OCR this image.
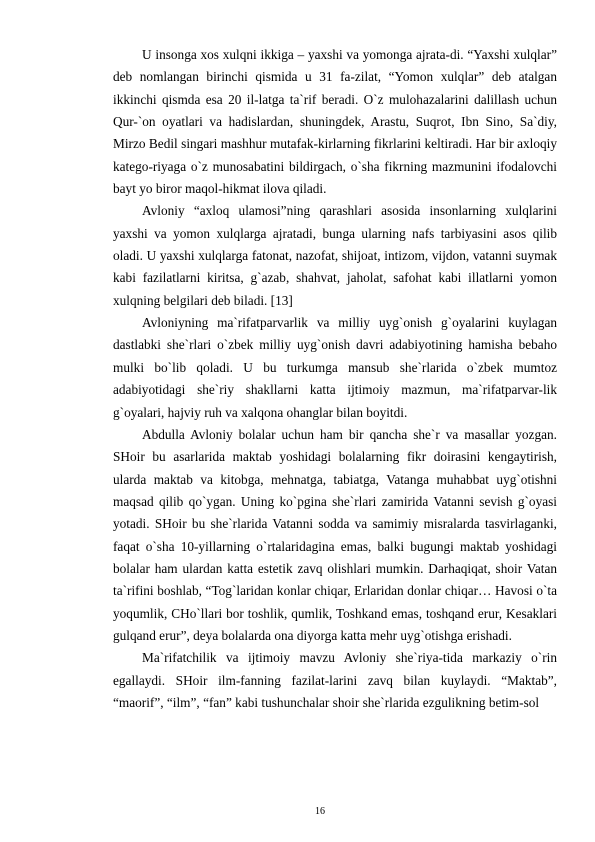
U insonga xos xulqni ikkiga – yaxshi va yomonga ajrata-di. “Yaxshi xulqlar” deb nomlangan birinchi qismida u 31 fa-zilat, “Yomon xulqlar” deb atalgan ikkinchi qismda esa 20 il-latga ta`rif beradi. O`z mulohazalarini dalillash uchun Qur-`on oyatlari va hadislardan, shuningdek, Arastu, Suqrot, Ibn Sino, Sa`diy, Mirzo Bedil singari mashhur mutafak-kirlarning fikrlarini keltiradi. Har bir axloqiy katego-riyaga o`z munosabatini bildirgach, o`sha fikrning mazmunini ifodalovchi bayt yo biror maqol-hikmat ilova qiladi.

Avloniy “axloq ulamosi”ning qarashlari asosida insonlarning xulqlarini yaxshi va yomon xulqlarga ajratadi, bunga ularning nafs tarbiyasini asos qilib oladi. U yaxshi xulqlarga fatonat, nazofat, shijoat, intizom, vijdon, vatanni suymak kabi fazilatlarni kiritsa, g`azab, shahvat, jaholat, safohat kabi illatlarni yomon xulqning belgilari deb biladi. [13]

Avloniyning ma`rifatparvarlik va milliy uyg`onish g`oyalarini kuylagan dastlabki she`rlari o`zbek milliy uyg`onish davri adabiyotining hamisha bebaho mulki bo`lib qoladi. U bu turkumga mansub she`rlarida o`zbek mumtoz adabiyotidagi she`riy shakllarni katta ijtimoiy mazmun, ma`rifatparvar-lik g`oyalari, hajviy ruh va xalqona ohanglar bilan boyitdi.

Abdulla Avloniy bolalar uchun ham bir qancha she`r va masallar yozgan. SHoir bu asarlarida maktab yoshidagi bolalarning fikr doirasini kengaytirish, ularda maktab va kitobga, mehnatga, tabiatga, Vatanga muhabbat uyg`otishni maqsad qilib qo`ygan. Uning ko`pgina she`rlari zamirida Vatanni sevish g`oyasi yotadi. SHoir bu she`rlarida Vatanni sodda va samimiy misralarda tasvirlaganki, faqat o`sha 10-yillarning o`rtalaridagina emas, balki bugungi maktab yoshidagi bolalar ham ulardan katta estetik zavq olishlari mumkin. Darhaqiqat, shoir Vatan ta`rifini boshlab, “Tog`laridan konlar chiqar, Erlaridan donlar chiqar… Havosi o`ta yoqumlik, CHo`llari bor toshlik, qumlik, Toshkand emas, toshqand erur, Kesaklari gulqand erur”, deya bolalarda ona diyorga katta mehr uyg`otishga erishadi.

Ma`rifatchilik va ijtimoiy mavzu Avloniy she`riya-tida markaziy o`rin egallaydi. SHoir ilm-fanning fazilat-larini zavq bilan kuylaydi. “Maktab”, “maorif”, “ilm”, “fan” kabi tushunchalar shoir she`rlarida ezgulikning betim-sol

16
